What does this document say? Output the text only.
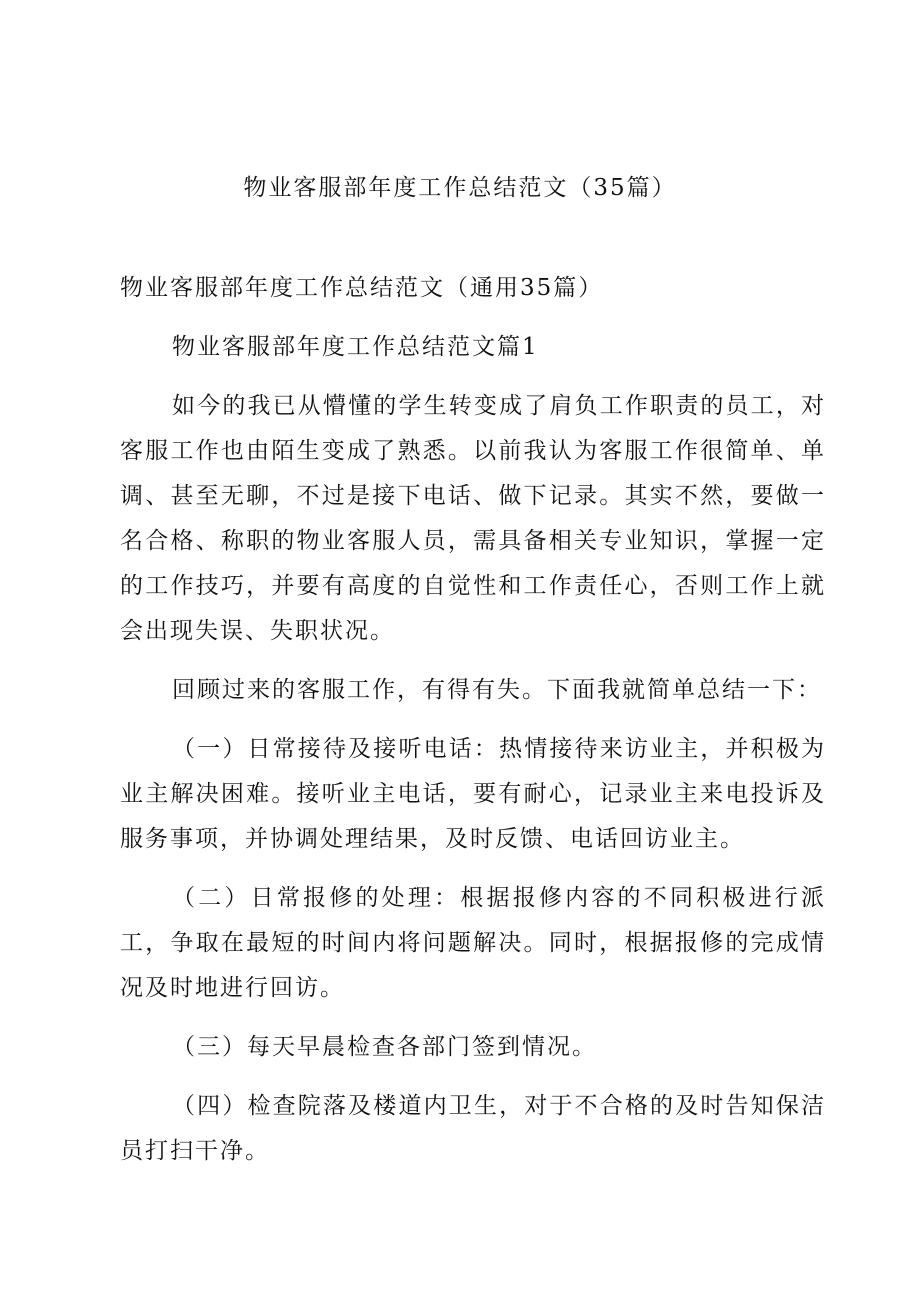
物业客服部年度工作总结范文（35篇）

物业客服部年度工作总结范文（通用35篇）

物业客服部年度工作总结范文篇1

如今的我已从懵懂的学生转变成了肩负工作职责的员工，对客服工作也由陌生变成了熟悉。以前我认为客服工作很简单、单调、甚至无聊，不过是接下电话、做下记录。其实不然，要做一名合格、称职的物业客服人员，需具备相关专业知识，掌握一定的工作技巧，并要有高度的自觉性和工作责任心，否则工作上就会出现失误、失职状况。

回顾过来的客服工作，有得有失。下面我就简单总结一下：

（一）日常接待及接听电话：热情接待来访业主，并积极为业主解决困难。接听业主电话，要有耐心，记录业主来电投诉及服务事项，并协调处理结果，及时反馈、电话回访业主。

（二）日常报修的处理：根据报修内容的不同积极进行派工，争取在最短的时间内将问题解决。同时，根据报修的完成情况及时地进行回访。

（三）每天早晨检查各部门签到情况。

（四）检查院落及楼道内卫生，对于不合格的及时告知保洁员打扫干净。
